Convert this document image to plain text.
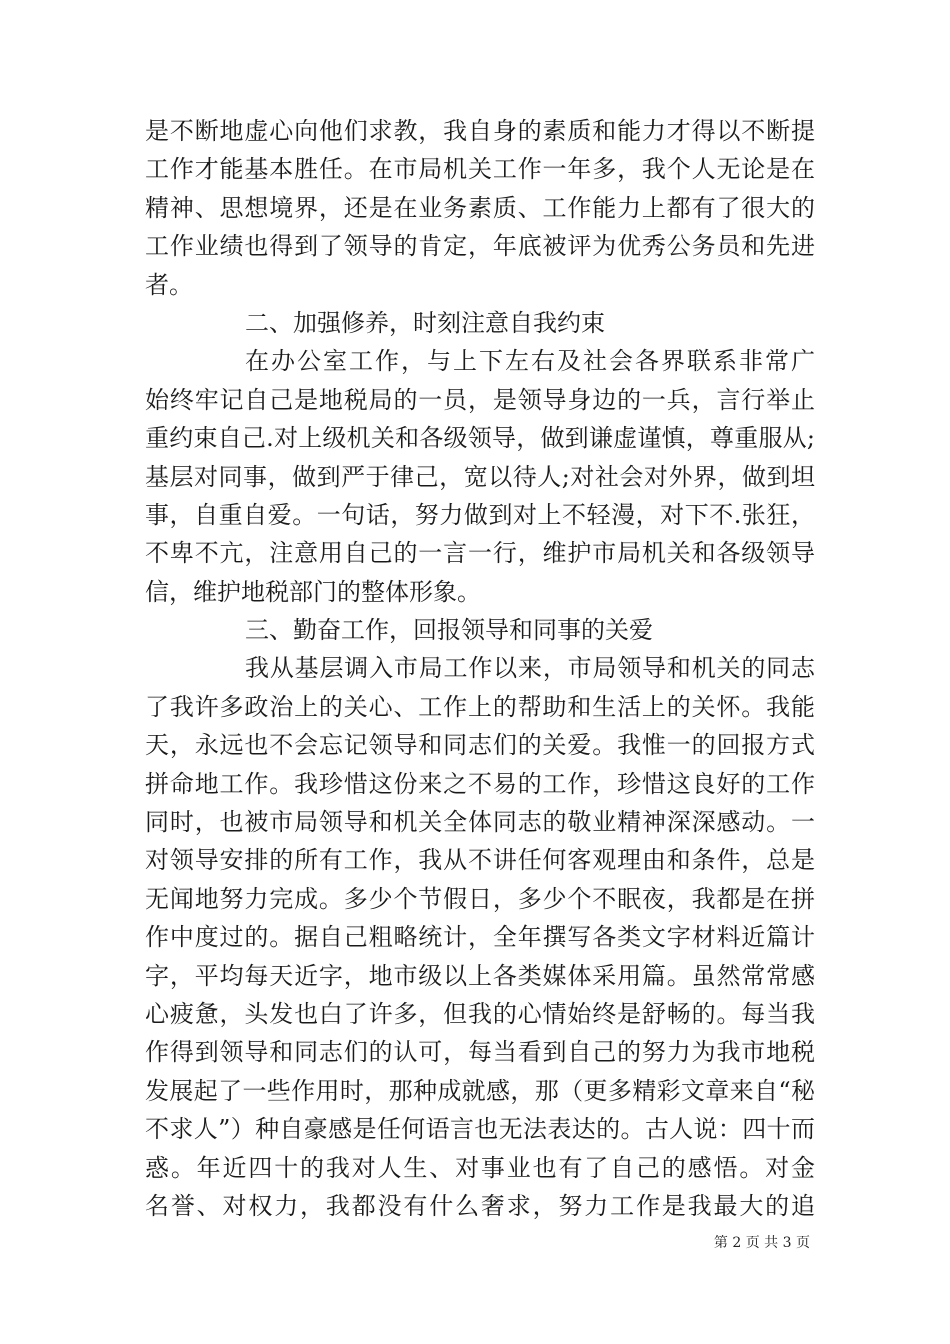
是不断地虚心向他们求教，我自身的素质和能力才得以不断提
工作才能基本胜任。在市局机关工作一年多，我个人无论是在
精神、思想境界，还是在业务素质、工作能力上都有了很大的
工作业绩也得到了领导的肯定，年底被评为优秀公务员和先进
者。
二、加强修养，时刻注意自我约束
在办公室工作，与上下左右及社会各界联系非常广
始终牢记自己是地税局的一员，是领导身边的一兵，言行举止
重约束自己.对上级机关和各级领导，做到谦虚谨慎，尊重服从;
基层对同事，做到严于律己，宽以待人;对社会对外界，做到坦
事，自重自爱。一句话，努力做到对上不轻漫，对下不.张狂，
不卑不亢，注意用自己的一言一行，维护市局机关和各级领导
信，维护地税部门的整体形象。
三、勤奋工作，回报领导和同事的关爱
我从基层调入市局工作以来，市局领导和机关的同志
了我许多政治上的关心、工作上的帮助和生活上的关怀。我能
天，永远也不会忘记领导和同志们的关爱。我惟一的回报方式
拼命地工作。我珍惜这份来之不易的工作，珍惜这良好的工作
同时，也被市局领导和机关全体同志的敬业精神深深感动。一
对领导安排的所有工作，我从不讲任何客观理由和条件，总是
无闻地努力完成。多少个节假日，多少个不眠夜，我都是在拼
作中度过的。据自己粗略统计，全年撰写各类文字材料近篇计
字，平均每天近字，地市级以上各类媒体采用篇。虽然常常感
心疲惫，头发也白了许多，但我的心情始终是舒畅的。每当我
作得到领导和同志们的认可，每当看到自己的努力为我市地税
发展起了一些作用时，那种成就感，那（更多精彩文章来自“秘
不求人”）种自豪感是任何语言也无法表达的。古人说：四十而
惑。年近四十的我对人生、对事业也有了自己的感悟。对金
名誉、对权力，我都没有什么奢求，努力工作是我最大的追
第 2 页 共 3 页
